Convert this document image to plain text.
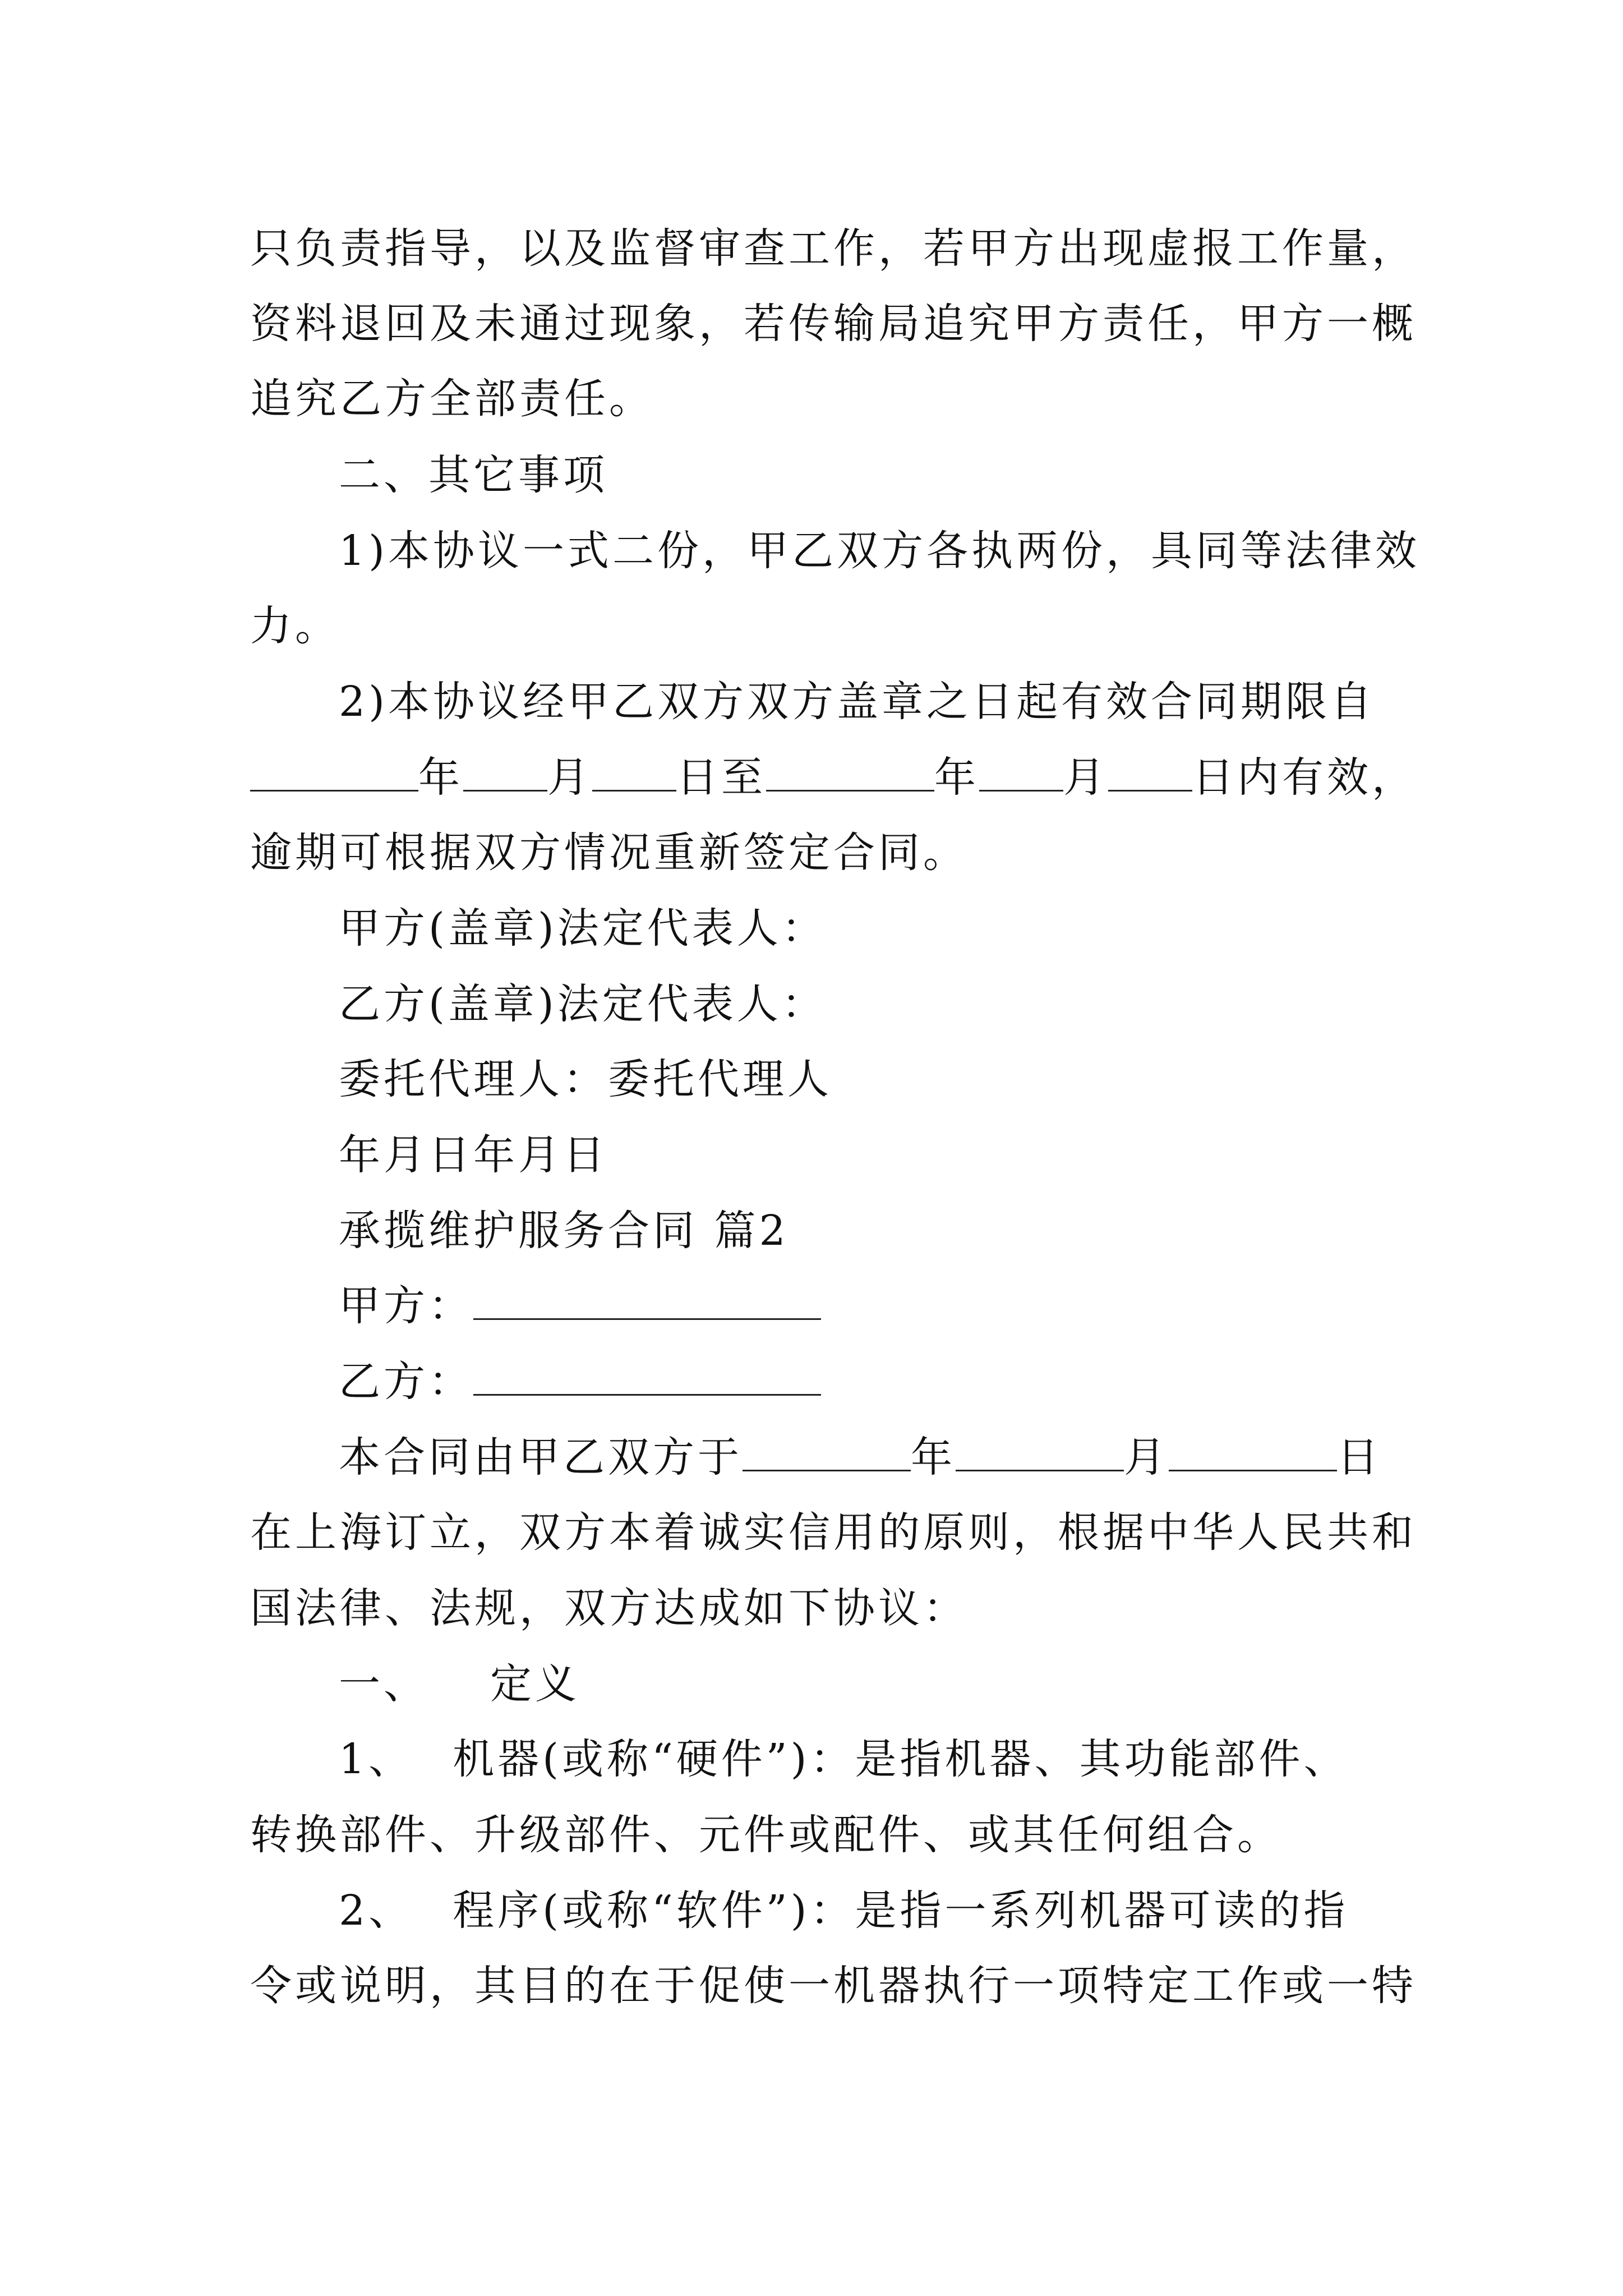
只负责指导，以及监督审查工作，若甲方出现虚报工作量，
资料退回及未通过现象，若传输局追究甲方责任，甲方一概
追究乙方全部责任。
二、其它事项
1)本协议一式二份，甲乙双方各执两份，具同等法律效
力。
2)本协议经甲乙双方双方盖章之日起有效合同期限自
年 月 日至	年 月 日内有效，
逾期可根据双方情况重新签定合同。
甲方(盖章)法定代表人：
乙方(盖章)法定代表人：
委托代理人：委托代理人
年月日年月日
承揽维护服务合同 篇2
甲方：
乙方：
本合同由甲乙双方于	年	月	日
在上海订立，双方本着诚实信用的原则，根据中华人民共和
国法律、法规，双方达成如下协议：
一、 定义
1、 机器(或称“硬件”)：是指机器、其功能部件、
转换部件、升级部件、元件或配件、或其任何组合。
2、 程序(或称“软件”)：是指一系列机器可读的指
令或说明，其目的在于促使一机器执行一项特定工作或一特
